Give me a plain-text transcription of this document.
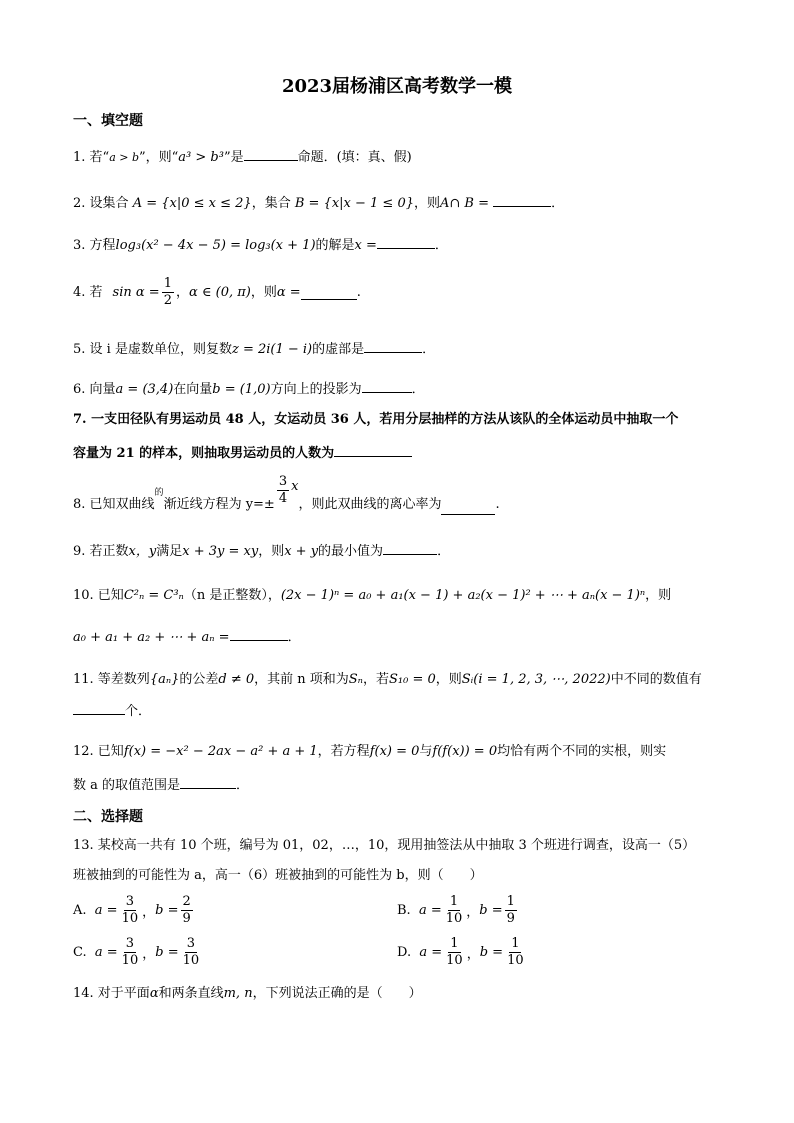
2023届杨浦区高考数学一模
一、填空题
1. 若“a > b”，则“a³ > b³”是	命题．(填：真、假)
2. 设集合 A = {x|0 ≤ x ≤ 2}，集合 B = {x|x − 1 ≤ 0}，则A∩ B =	．
3. 方程log₃(x² − 4x − 5) = log₃(x + 1)的解是x =	．
4. 若 $\sin \alpha = \frac{1}{2}$ ， α ∈ (0, π) ，则 α =	.
5. 设 i 是虚数单位，则复数z = 2i(1 − i)的虚部是	．
6. 向量a = (3,4)在向量b = (1,0)方向上的投影为	．
7. 一支田径队有男运动员 48 人，女运动员 36 人，若用分层抽样的方法从该队的全体运动员中抽取一个
容量为 21 的样本，则抽取男运动员的人数为
8. 已知双曲线
的
渐近线方程为 $y=\pm \frac{3}{4}$ x
，则此双曲线的离心率为	.
9. 若正数x，y满足x + 3y = xy，则x + y的最小值为	．
10. 已知C²ₙ = C³ₙ（n 是正整数），(2x − 1)ⁿ = a₀ + a₁(x − 1) + a₂(x − 1)² + ⋯ + aₙ(x − 1)ⁿ，则
a₀ + a₁ + a₂ + ⋯ + aₙ =	．
11. 等差数列{aₙ}的公差d ≠ 0，其前 n 项和为Sₙ，若S₁₀ = 0，则Sᵢ(i = 1, 2, 3, ⋯, 2022)中不同的数值有
个．
12. 已知f(x) = −x² − 2ax − a² + a + 1，若方程f(x) = 0与f(f(x)) = 0均恰有两个不同的实根，则实
数 a 的取值范围是	．
二、选择题
13. 某校高一共有 10 个班，编号为 01，02，…，10，现用抽签法从中抽取 3 个班进行调查，设高一（5）
班被抽到的可能性为 a，高一（6）班被抽到的可能性为 b，则（　　）
A.
$a = \frac{3}{10}$ ， $b = \frac{2}{9}$	B.
$a = \frac{1}{10}$ ， $b = \frac{1}{9}$
C.
$a = \frac{3}{10}$ ， $b = \frac{3}{10}$	D.
$a = \frac{1}{10}$ ， $b = \frac{1}{10}$
14. 对于平面α和两条直线m, n，下列说法正确的是（　　）
